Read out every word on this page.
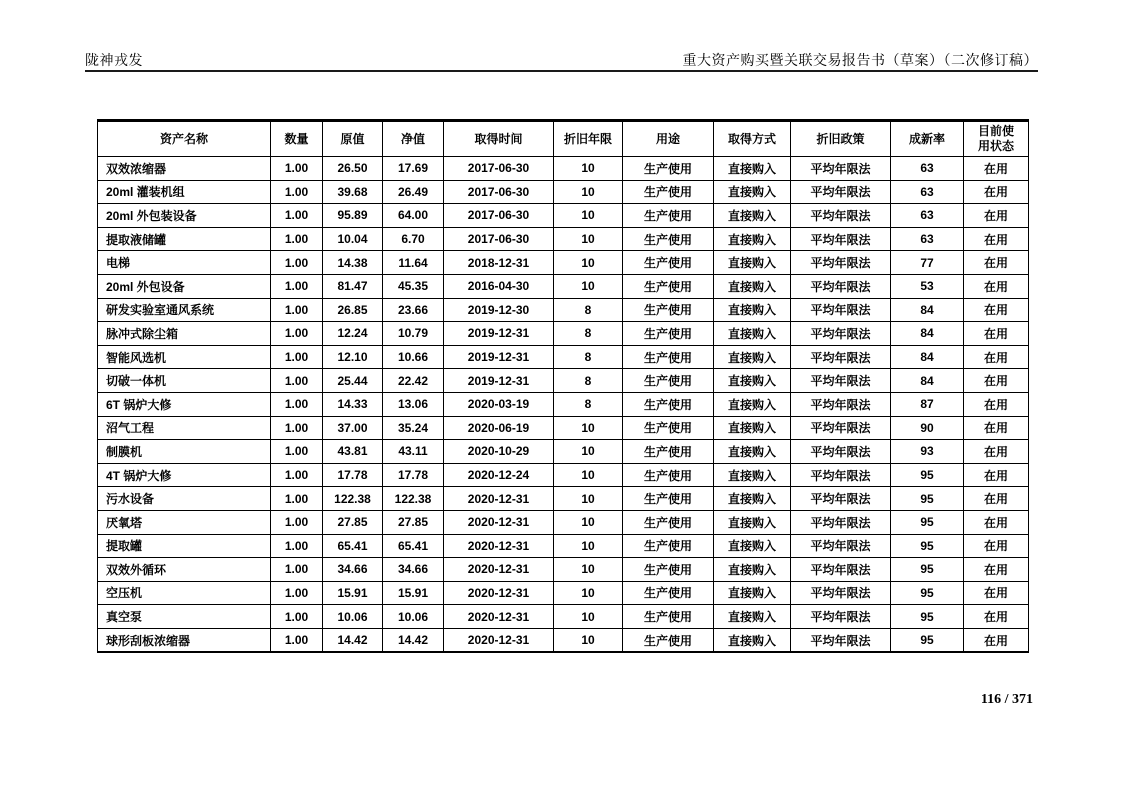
陇神戎发	重大资产购买暨关联交易报告书（草案）（二次修订稿）
资产名称	数量	原值	净值	取得时间	折旧年限	用途	取得方式	折旧政策	成新率	目前使用状态
双效浓缩器	1.00	26.50	17.69	2017-06-30	10	生产使用	直接购入	平均年限法	63	在用
20ml 灌装机组	1.00	39.68	26.49	2017-06-30	10	生产使用	直接购入	平均年限法	63	在用
20ml 外包装设备	1.00	95.89	64.00	2017-06-30	10	生产使用	直接购入	平均年限法	63	在用
提取液储罐	1.00	10.04	6.70	2017-06-30	10	生产使用	直接购入	平均年限法	63	在用
电梯	1.00	14.38	11.64	2018-12-31	10	生产使用	直接购入	平均年限法	77	在用
20ml 外包设备	1.00	81.47	45.35	2016-04-30	10	生产使用	直接购入	平均年限法	53	在用
研发实验室通风系统	1.00	26.85	23.66	2019-12-30	8	生产使用	直接购入	平均年限法	84	在用
脉冲式除尘箱	1.00	12.24	10.79	2019-12-31	8	生产使用	直接购入	平均年限法	84	在用
智能风选机	1.00	12.10	10.66	2019-12-31	8	生产使用	直接购入	平均年限法	84	在用
切破一体机	1.00	25.44	22.42	2019-12-31	8	生产使用	直接购入	平均年限法	84	在用
6T 锅炉大修	1.00	14.33	13.06	2020-03-19	8	生产使用	直接购入	平均年限法	87	在用
沼气工程	1.00	37.00	35.24	2020-06-19	10	生产使用	直接购入	平均年限法	90	在用
制膜机	1.00	43.81	43.11	2020-10-29	10	生产使用	直接购入	平均年限法	93	在用
4T 锅炉大修	1.00	17.78	17.78	2020-12-24	10	生产使用	直接购入	平均年限法	95	在用
污水设备	1.00	122.38	122.38	2020-12-31	10	生产使用	直接购入	平均年限法	95	在用
厌氧塔	1.00	27.85	27.85	2020-12-31	10	生产使用	直接购入	平均年限法	95	在用
提取罐	1.00	65.41	65.41	2020-12-31	10	生产使用	直接购入	平均年限法	95	在用
双效外循环	1.00	34.66	34.66	2020-12-31	10	生产使用	直接购入	平均年限法	95	在用
空压机	1.00	15.91	15.91	2020-12-31	10	生产使用	直接购入	平均年限法	95	在用
真空泵	1.00	10.06	10.06	2020-12-31	10	生产使用	直接购入	平均年限法	95	在用
球形刮板浓缩器	1.00	14.42	14.42	2020-12-31	10	生产使用	直接购入	平均年限法	95	在用
116 / 371
